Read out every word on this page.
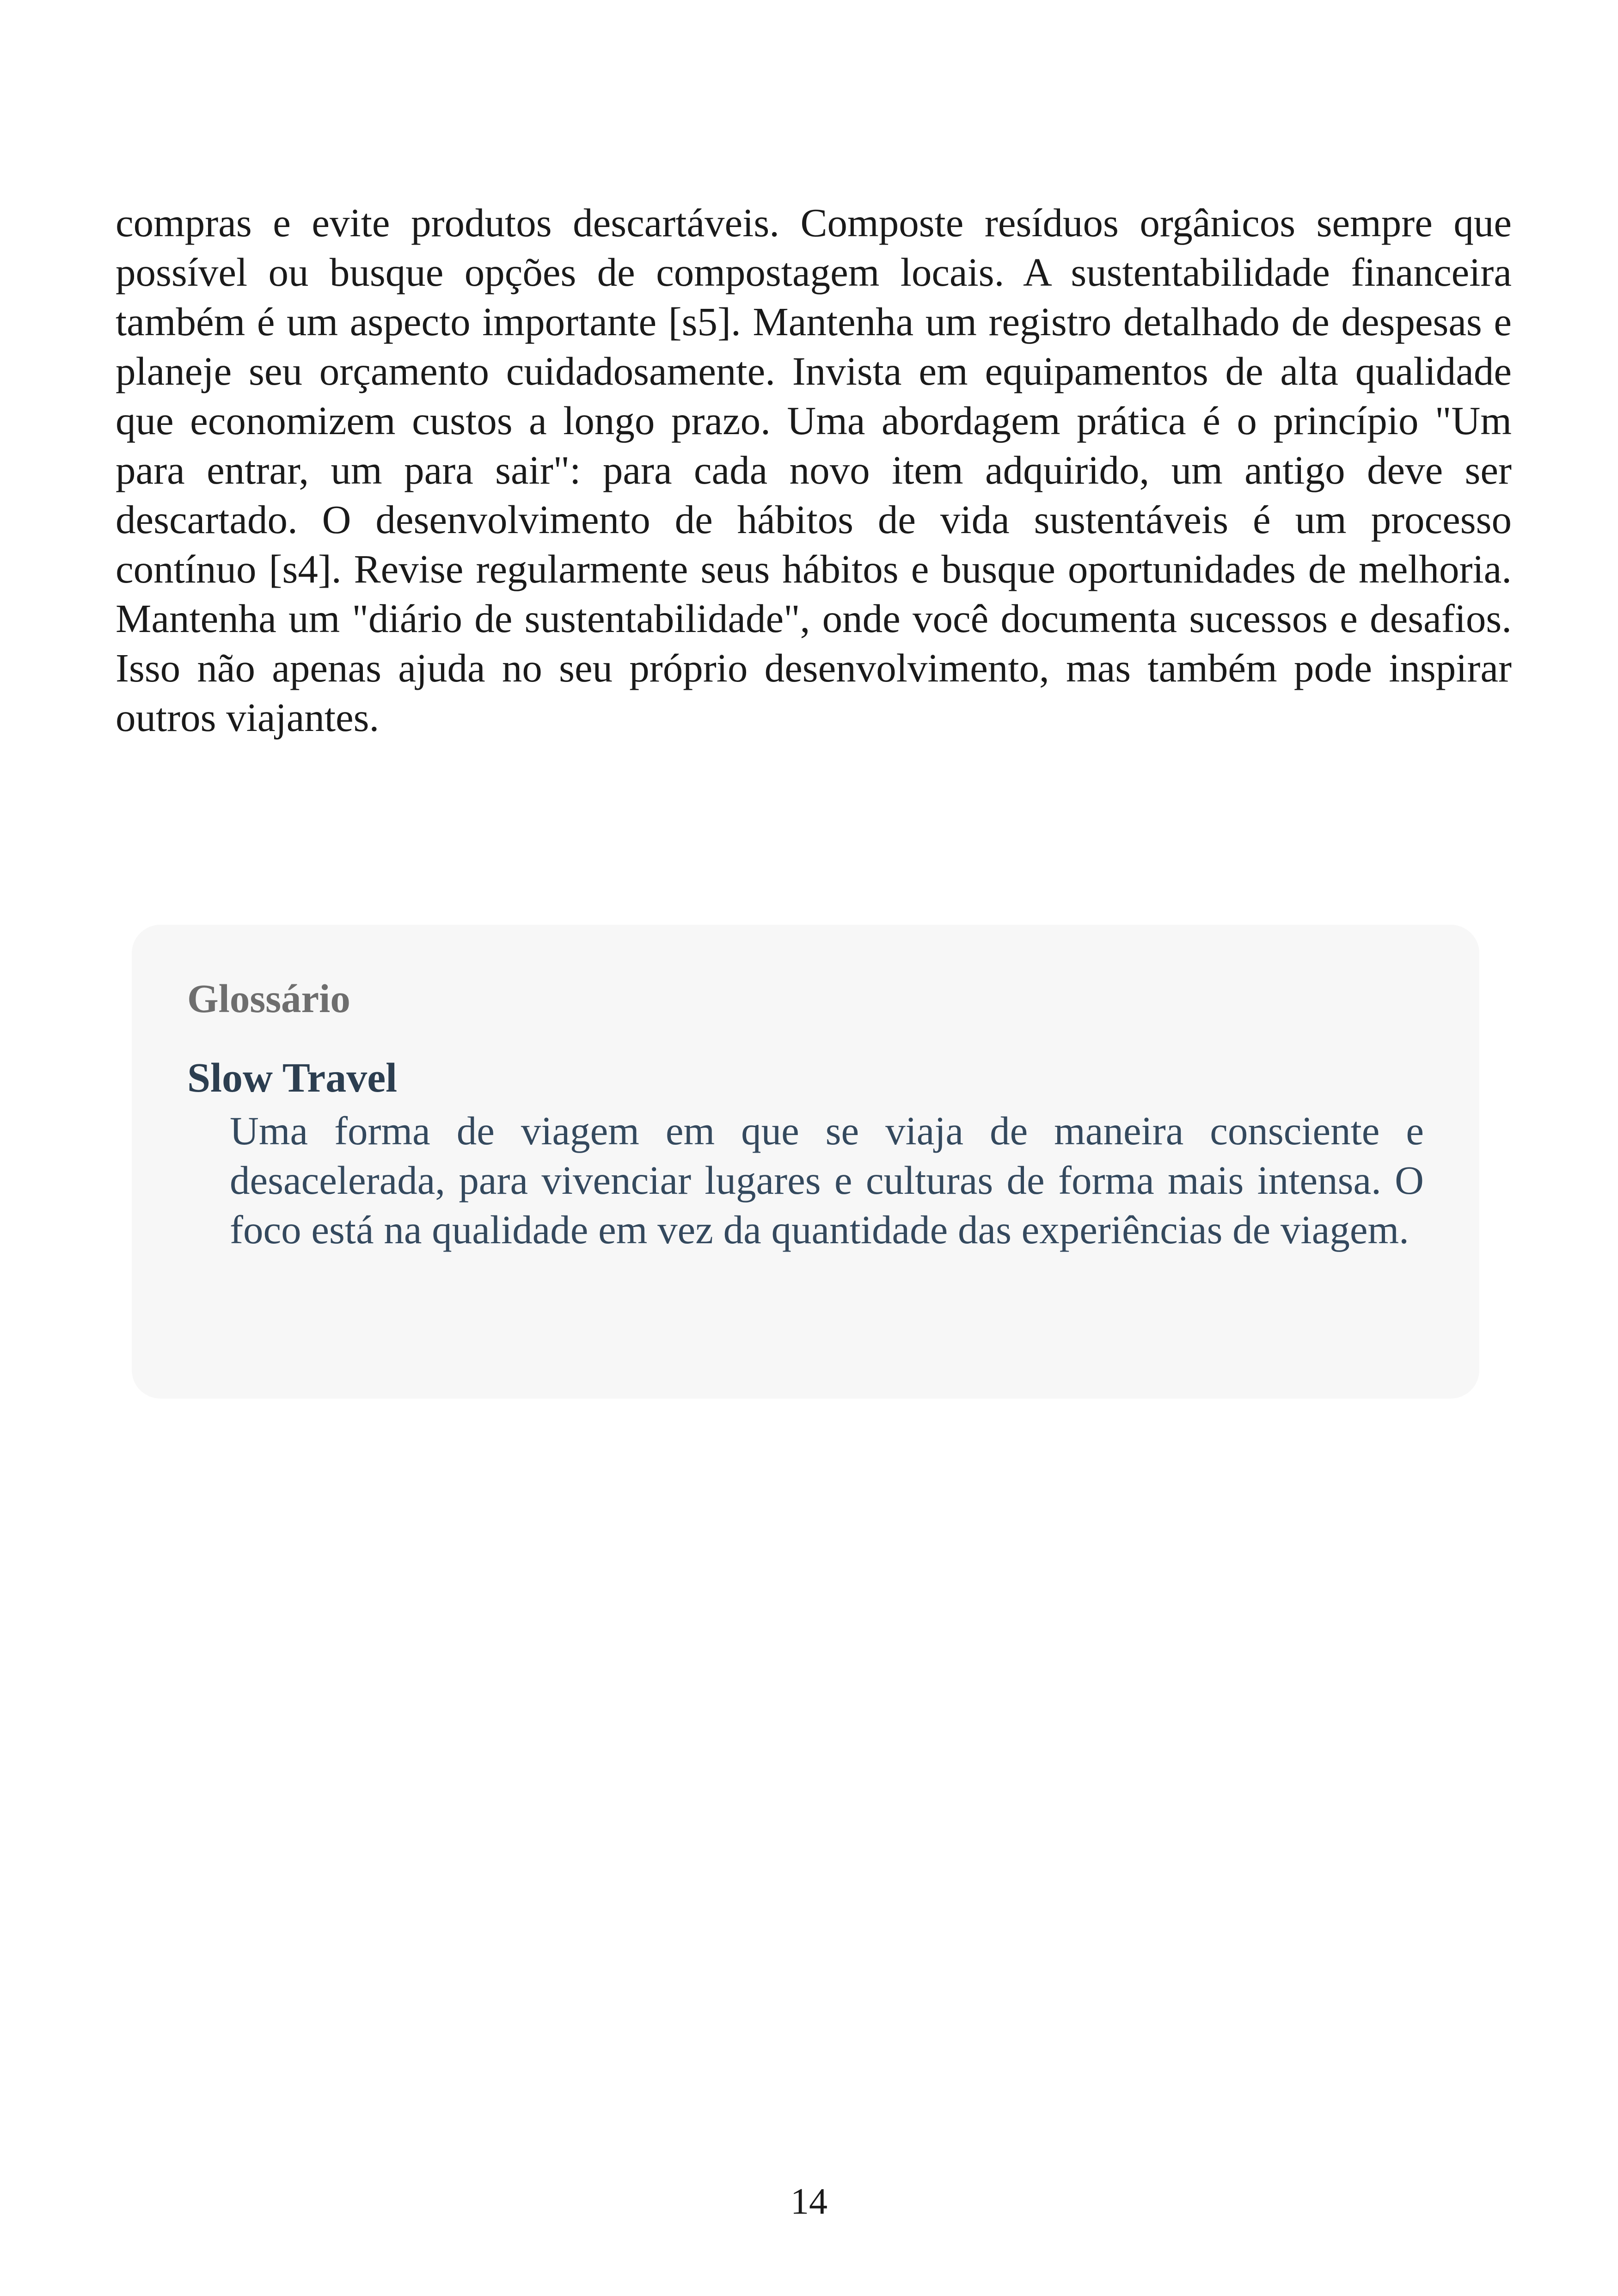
compras e evite produtos descartáveis. Composte resíduos orgânicos sempre que possível ou busque opções de compostagem locais. A sustentabilidade financeira também é um aspecto importante [s5]. Mantenha um registro detalhado de despesas e planeje seu orçamento cuidadosamente. Invista em equipamentos de alta qualidade que economizem custos a longo prazo. Uma abordagem prática é o princípio "Um para entrar, um para sair": para cada novo item adquirido, um antigo deve ser descartado. O desenvolvimento de hábitos de vida sustentáveis é um processo contínuo [s4]. Revise regularmente seus hábitos e busque oportunidades de melhoria. Mantenha um "diário de sustentabilidade", onde você documenta sucessos e desafios. Isso não apenas ajuda no seu próprio desenvolvimento, mas também pode inspirar outros viajantes.

Glossário
Slow Travel

Uma forma de viagem em que se viaja de maneira consciente e desacelerada, para vivenciar lugares e culturas de forma mais intensa. O foco está na qualidade em vez da quantidade das experiências de viagem.

14
